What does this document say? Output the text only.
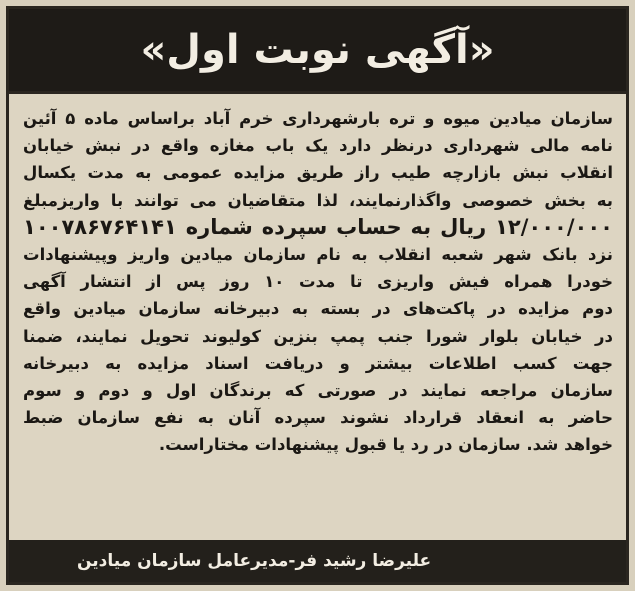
«آگهی نوبت اول»
سازمان میادین میوه و تره بارشهرداری خرم آباد براساس ماده ۵ آئین
نامه مالی شهرداری درنظر دارد یک باب مغازه واقع در نبش خیابان
انقلاب نبش بازارچه طیب راز طریق مزایده عمومی به مدت یکسال
به بخش خصوصی واگذارنمایند، لذا متقاضیان می توانند با واریزمبلغ
۱۲/۰۰۰/۰۰۰ ریال به حساب سپرده شماره ۱۰۰۷۸۶۷۶۴۱۴۱
نزد بانک شهر شعبه انقلاب به نام سازمان میادین واریز وپیشنهادات
خودرا همراه فیش واریزی تا مدت ۱۰ روز پس از انتشار آگهی
دوم مزایده در پاکت‌های در بسته به دبیرخانه سازمان میادین واقع
در خیابان بلوار شورا جنب پمپ بنزین کولیوند تحویل نمایند، ضمنا
جهت کسب اطلاعات بیشتر و دریافت اسناد مزایده به دبیرخانه
سازمان مراجعه نمایند در صورتی که برندگان اول و دوم و سوم
حاضر به انعقاد قرارداد نشوند سپرده آنان به نفع سازمان ضبط
خواهد شد. سازمان در رد یا قبول پیشنهادات مختاراست.
علیرضا رشید فر-مدیرعامل سازمان میادین
